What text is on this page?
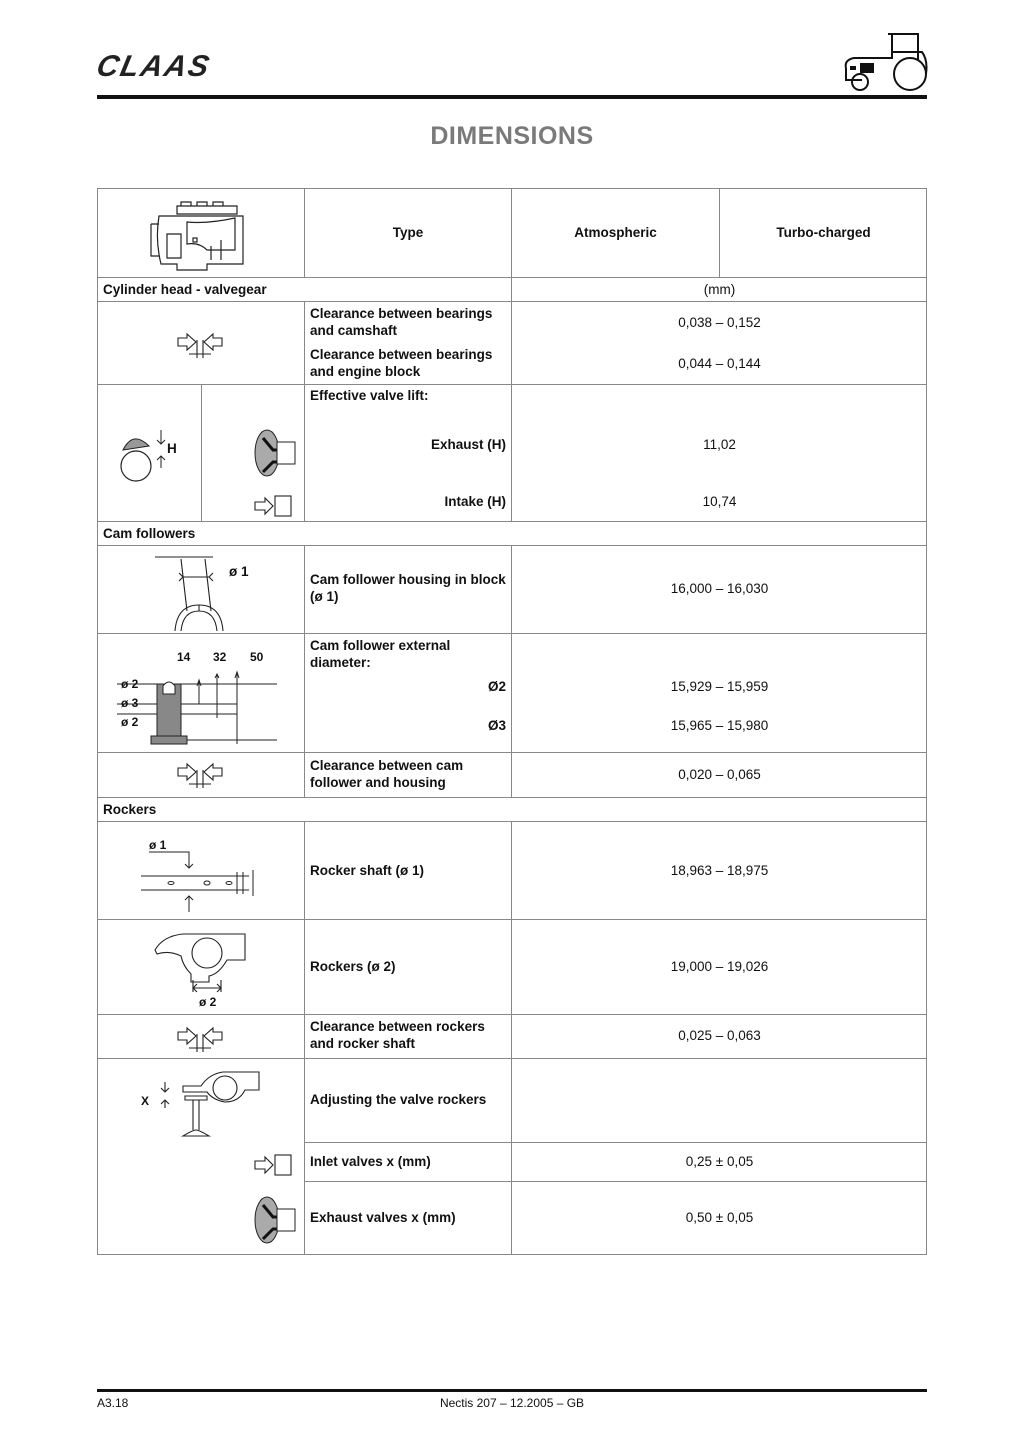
CLAAS
DIMENSIONS
Type	Atmospheric	Turbo-charged
Cylinder head - valvegear	(mm)
Clearance between bearings and camshaft
0,038 – 0,152
Clearance between bearings and engine block
0,044 – 0,144
H
Effective valve lift:
Exhaust (H)	11,02
Intake (H)	10,74
Cam followers
ø 1
Cam follower housing in block (ø 1)
16,000 – 16,030
14 32 50
ø 2
ø 3
ø 2
Cam follower external diameter:
Ø2	15,929 – 15,959
Ø3	15,965 – 15,980
Clearance between cam follower and housing
0,020 – 0,065
Rockers
ø 1
Rocker shaft (ø 1)	18,963 – 18,975
ø 2
Rockers (ø 2)	19,000 – 19,026
Clearance between rockers and rocker shaft
0,025 – 0,063
X	Adjusting the valve rockers
Inlet valves x (mm)	0,25 ± 0,05
Exhaust valves x (mm)	0,50 ± 0,05
A3.18	Nectis 207 – 12.2005 – GB
